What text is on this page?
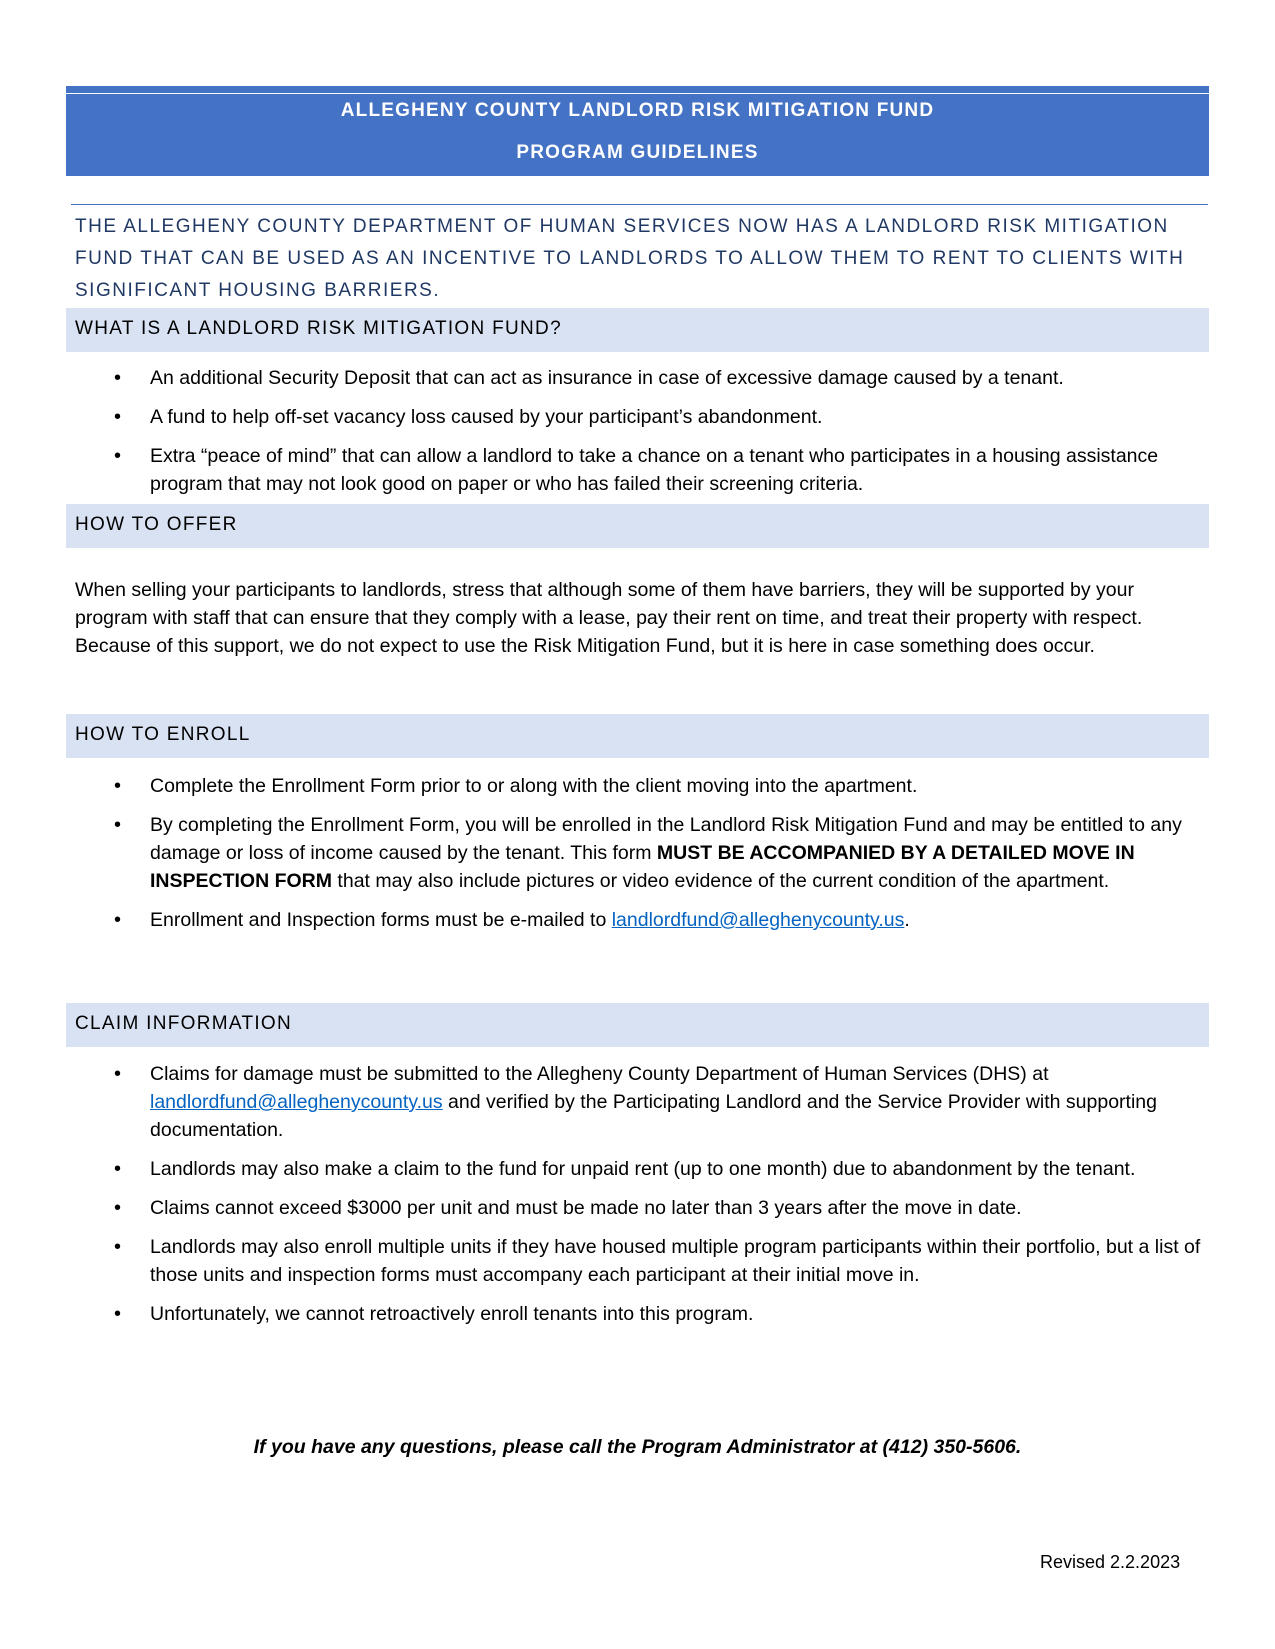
ALLEGHENY COUNTY LANDLORD RISK MITIGATION FUND
PROGRAM GUIDELINES
THE ALLEGHENY COUNTY DEPARTMENT OF HUMAN SERVICES NOW HAS A LANDLORD RISK MITIGATION FUND THAT CAN BE USED AS AN INCENTIVE TO LANDLORDS TO ALLOW THEM TO RENT TO CLIENTS WITH SIGNIFICANT HOUSING BARRIERS.
WHAT IS A LANDLORD RISK MITIGATION FUND?
• An additional Security Deposit that can act as insurance in case of excessive damage caused by a tenant.
• A fund to help off-set vacancy loss caused by your participant’s abandonment.
• Extra “peace of mind” that can allow a landlord to take a chance on a tenant who participates in a housing assistance program that may not look good on paper or who has failed their screening criteria.
HOW TO OFFER
When selling your participants to landlords, stress that although some of them have barriers, they will be supported by your program with staff that can ensure that they comply with a lease, pay their rent on time, and treat their property with respect. Because of this support, we do not expect to use the Risk Mitigation Fund, but it is here in case something does occur.
HOW TO ENROLL
• Complete the Enrollment Form prior to or along with the client moving into the apartment.
• By completing the Enrollment Form, you will be enrolled in the Landlord Risk Mitigation Fund and may be entitled to any damage or loss of income caused by the tenant. This form MUST BE ACCOMPANIED BY A DETAILED MOVE IN INSPECTION FORM that may also include pictures or video evidence of the current condition of the apartment.
• Enrollment and Inspection forms must be e-mailed to landlordfund@alleghenycounty.us.
CLAIM INFORMATION
• Claims for damage must be submitted to the Allegheny County Department of Human Services (DHS) at landlordfund@alleghenycounty.us and verified by the Participating Landlord and the Service Provider with supporting documentation.
• Landlords may also make a claim to the fund for unpaid rent (up to one month) due to abandonment by the tenant.
• Claims cannot exceed $3000 per unit and must be made no later than 3 years after the move in date.
• Landlords may also enroll multiple units if they have housed multiple program participants within their portfolio, but a list of those units and inspection forms must accompany each participant at their initial move in.
• Unfortunately, we cannot retroactively enroll tenants into this program.
If you have any questions, please call the Program Administrator at (412) 350-5606.
Revised 2.2.2023
